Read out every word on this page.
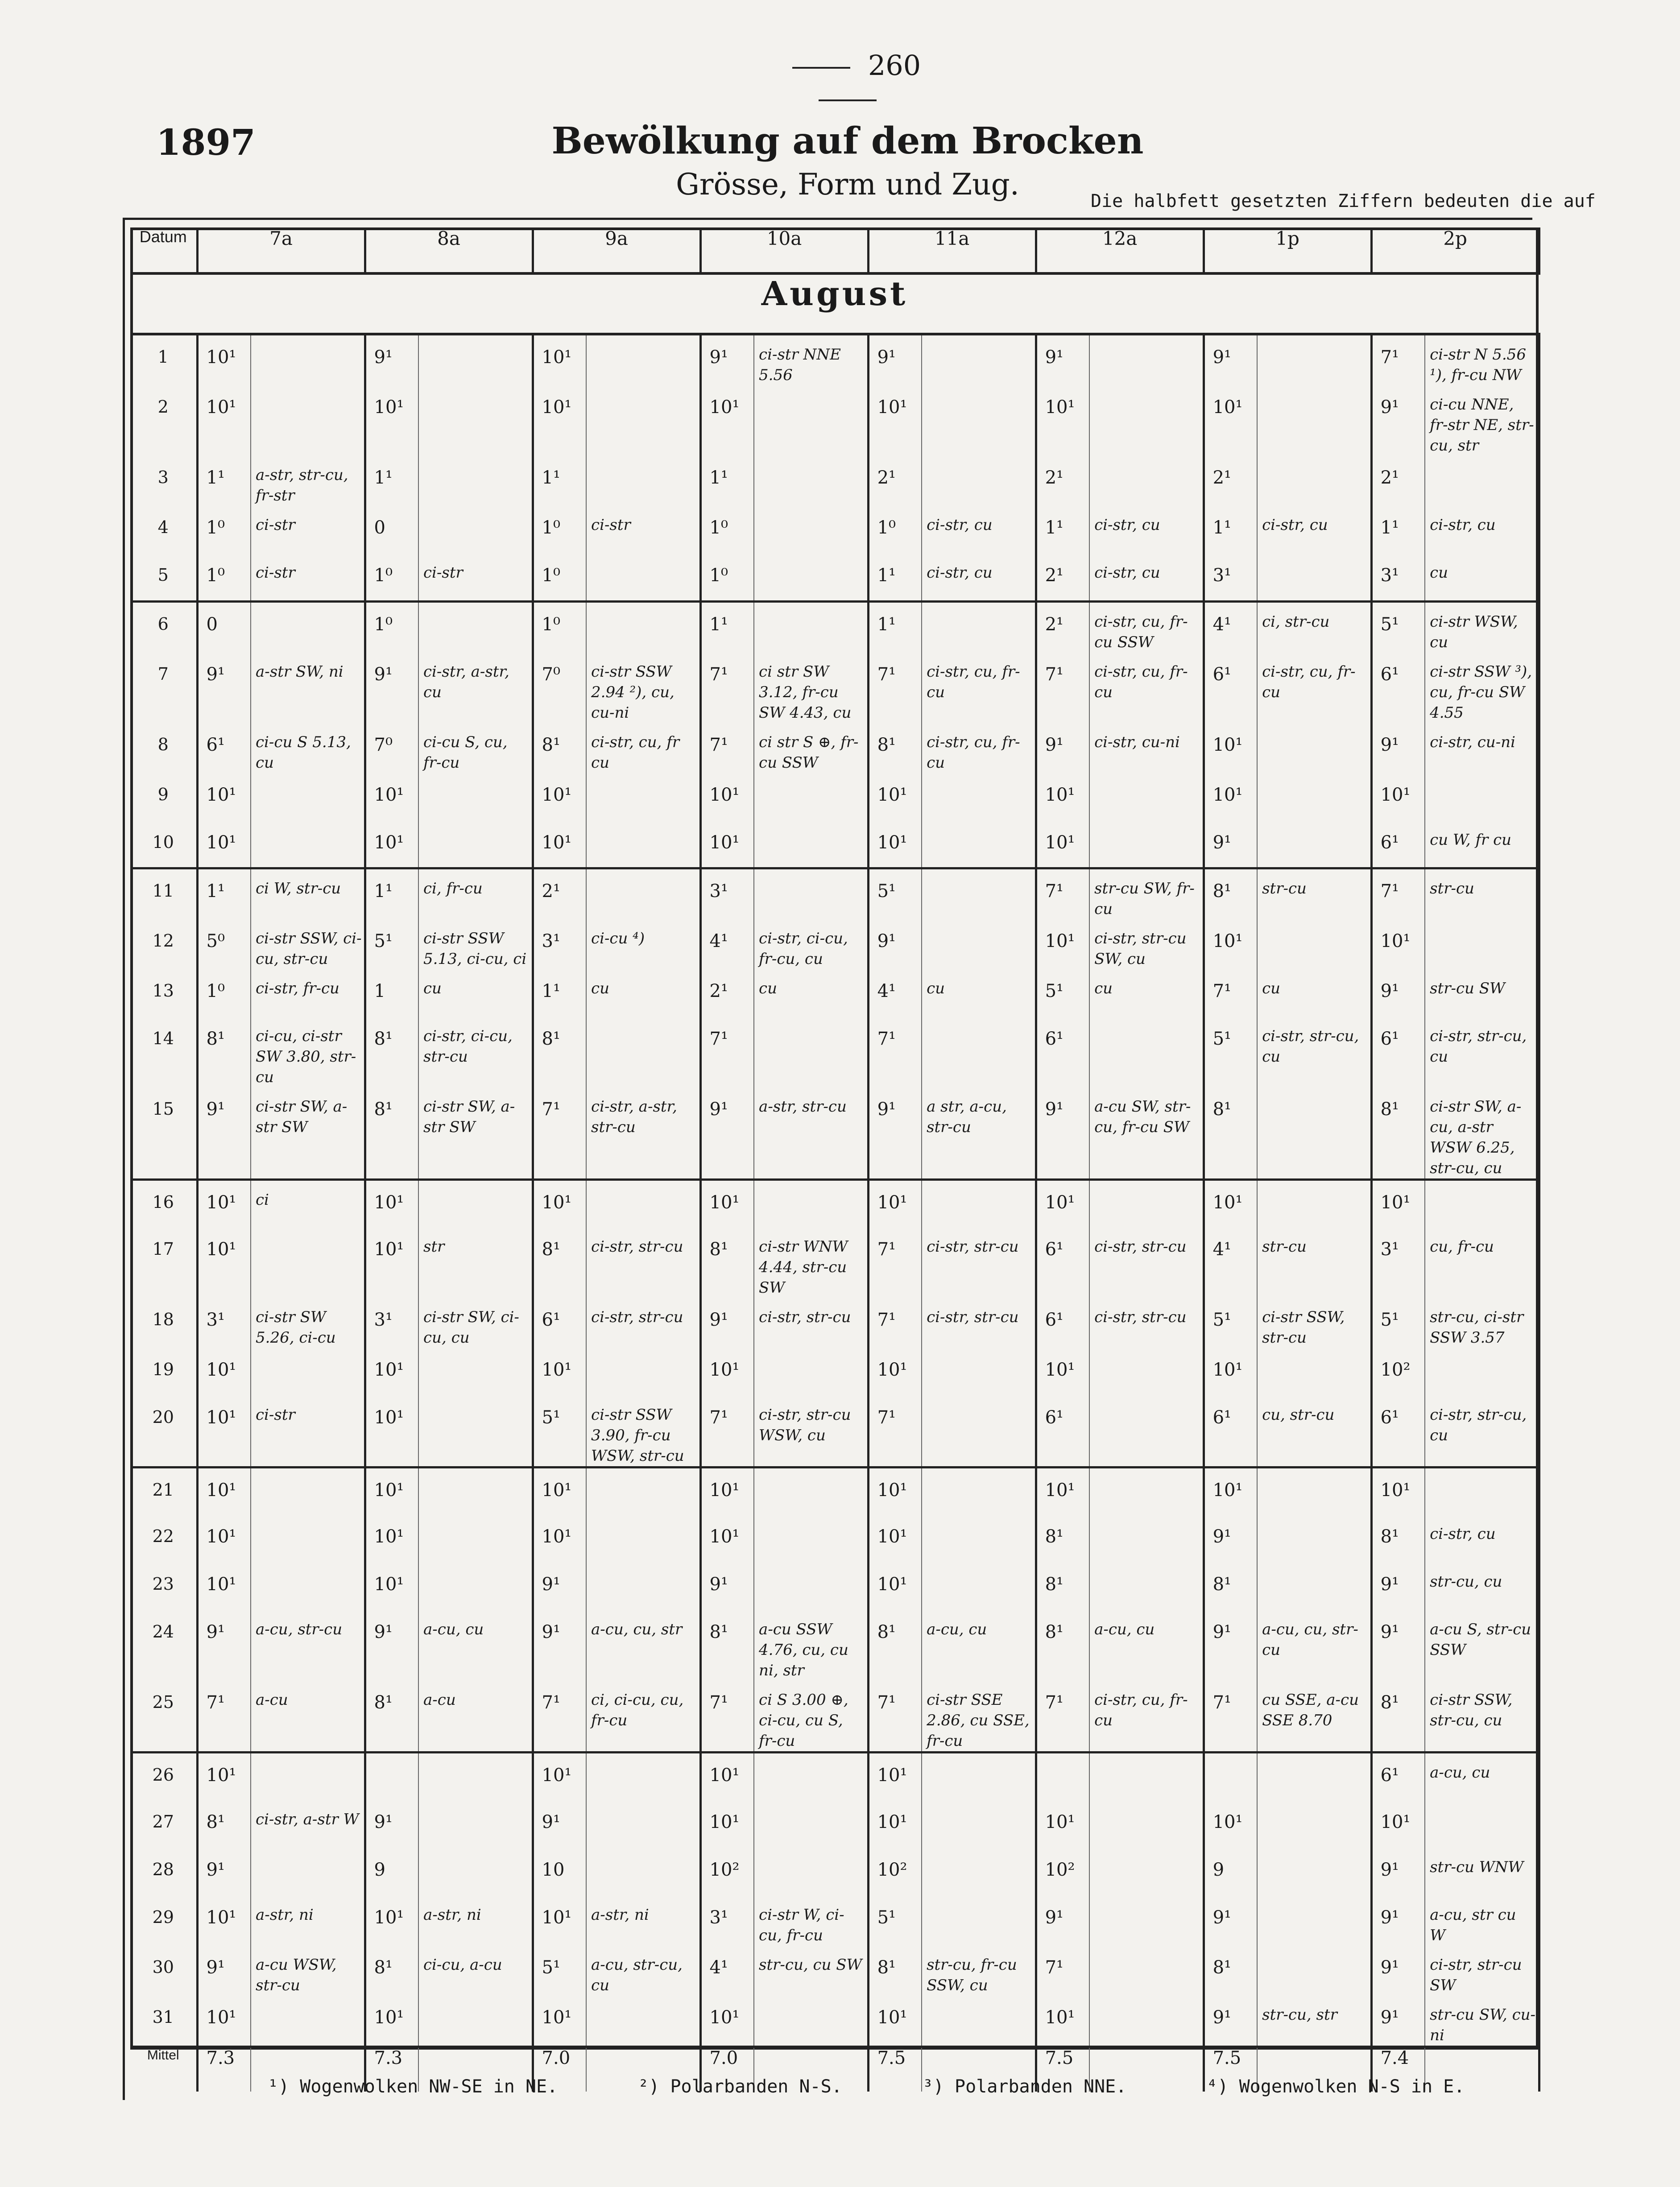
260
1897	Bewölkung auf dem Brocken
Grösse, Form und Zug.	Die halbfett gesetzten Ziffern bedeuten die auf
Datum	7a		8a		9a		10a		11a		12a		1p		2p	
August																
1	10¹		9¹		10¹		9¹	ci-str NNE 5.56	9¹		9¹		9¹		7¹	ci-str N 5.56 ¹), fr-cu NW
2	10¹		10¹		10¹		10¹		10¹		10¹		10¹		9¹	ci-cu NNE, fr-str NE, str-cu, str
3	1¹	a-str, str-cu, fr-str	1¹		1¹		1¹		2¹		2¹		2¹		2¹	
4	1⁰	ci-str	0		1⁰	ci-str	1⁰		1⁰	ci-str, cu	1¹	ci-str, cu	1¹	ci-str, cu	1¹	ci-str, cu
5	1⁰	ci-str	1⁰	ci-str	1⁰		1⁰		1¹	ci-str, cu	2¹	ci-str, cu	3¹		3¹	cu
6	0		1⁰		1⁰		1¹		1¹		2¹	ci-str, cu, fr-cu SSW	4¹	ci, str-cu	5¹	ci-str WSW, cu
7	9¹	a-str SW, ni	9¹	ci-str, a-str, cu	7⁰	ci-str SSW 2.94 ²), cu, cu-ni	7¹	ci str SW 3.12, fr-cu SW 4.43, cu	7¹	ci-str, cu, fr-cu	7¹	ci-str, cu, fr-cu	6¹	ci-str, cu, fr-cu	6¹	ci-str SSW ³), cu, fr-cu SW 4.55
8	6¹	ci-cu S 5.13, cu	7⁰	ci-cu S, cu, fr-cu	8¹	ci-str, cu, fr cu	7¹	ci str S ⊕, fr-cu SSW	8¹	ci-str, cu, fr-cu	9¹	ci-str, cu-ni	10¹		9¹	ci-str, cu-ni
9	10¹		10¹		10¹		10¹		10¹		10¹		10¹		10¹	
10	10¹		10¹		10¹		10¹		10¹		10¹		9¹		6¹	cu W, fr cu
11	1¹	ci W, str-cu	1¹	ci, fr-cu	2¹		3¹		5¹		7¹	str-cu SW, fr-cu	8¹	str-cu	7¹	str-cu
12	5⁰	ci-str SSW, ci-cu, str-cu	5¹	ci-str SSW 5.13, ci-cu, ci	3¹	ci-cu ⁴)	4¹	ci-str, ci-cu, fr-cu, cu	9¹		10¹	ci-str, str-cu SW, cu	10¹		10¹	
13	1⁰	ci-str, fr-cu	1	cu	1¹	cu	2¹	cu	4¹	cu	5¹	cu	7¹	cu	9¹	str-cu SW
14	8¹	ci-cu, ci-str SW 3.80, str-cu	8¹	ci-str, ci-cu, str-cu	8¹		7¹		7¹		6¹		5¹	ci-str, str-cu, cu	6¹	ci-str, str-cu, cu
15	9¹	ci-str SW, a-str SW	8¹	ci-str SW, a-str SW	7¹	ci-str, a-str, str-cu	9¹	a-str, str-cu	9¹	a str, a-cu, str-cu	9¹	a-cu SW, str-cu, fr-cu SW	8¹		8¹	ci-str SW, a-cu, a-str WSW 6.25, str-cu, cu
16	10¹	ci	10¹		10¹		10¹		10¹		10¹		10¹		10¹	
17	10¹		10¹	str	8¹	ci-str, str-cu	8¹	ci-str WNW 4.44, str-cu SW	7¹	ci-str, str-cu	6¹	ci-str, str-cu	4¹	str-cu	3¹	cu, fr-cu
18	3¹	ci-str SW 5.26, ci-cu	3¹	ci-str SW, ci-cu, cu	6¹	ci-str, str-cu	9¹	ci-str, str-cu	7¹	ci-str, str-cu	6¹	ci-str, str-cu	5¹	ci-str SSW, str-cu	5¹	str-cu, ci-str SSW 3.57
19	10¹		10¹		10¹		10¹		10¹		10¹		10¹		10²	
20	10¹	ci-str	10¹		5¹	ci-str SSW 3.90, fr-cu WSW, str-cu	7¹	ci-str, str-cu WSW, cu	7¹		6¹		6¹	cu, str-cu	6¹	ci-str, str-cu, cu
21	10¹		10¹		10¹		10¹		10¹		10¹		10¹		10¹	
22	10¹		10¹		10¹		10¹		10¹		8¹		9¹		8¹	ci-str, cu
23	10¹		10¹		9¹		9¹		10¹		8¹		8¹		9¹	str-cu, cu
24	9¹	a-cu, str-cu	9¹	a-cu, cu	9¹	a-cu, cu, str	8¹	a-cu SSW 4.76, cu, cu ni, str	8¹	a-cu, cu	8¹	a-cu, cu	9¹	a-cu, cu, str-cu	9¹	a-cu S, str-cu SSW
25	7¹	a-cu	8¹	a-cu	7¹	ci, ci-cu, cu, fr-cu	7¹	ci S 3.00 ⊕, ci-cu, cu S, fr-cu	7¹	ci-str SSE 2.86, cu SSE, fr-cu	7¹	ci-str, cu, fr-cu	7¹	cu SSE, a-cu SSE 8.70	8¹	ci-str SSW, str-cu, cu
26	10¹				10¹		10¹		10¹						6¹	a-cu, cu
27	8¹	ci-str, a-str W	9¹		9¹		10¹		10¹		10¹		10¹		10¹	
28	9¹		9		10		10²		10²		10²		9		9¹	str-cu WNW
29	10¹	a-str, ni	10¹	a-str, ni	10¹	a-str, ni	3¹	ci-str W, ci-cu, fr-cu	5¹		9¹		9¹		9¹	a-cu, str cu W
30	9¹	a-cu WSW, str-cu	8¹	ci-cu, a-cu	5¹	a-cu, str-cu, cu	4¹	str-cu, cu SW	8¹	str-cu, fr-cu SSW, cu	7¹		8¹		9¹	ci-str, str-cu SW
31	10¹		10¹		10¹		10¹		10¹		10¹		9¹	str-cu, str	9¹	str-cu SW, cu-ni
Mittel	7.3		7.3		7.0		7.0		7.5		7.5		7.5		7.4	
¹) Wogenwolken NW-SE in NE.	²) Polarbanden N-S.	³) Polarbanden NNE.	⁴) Wogenwolken N-S in E.
